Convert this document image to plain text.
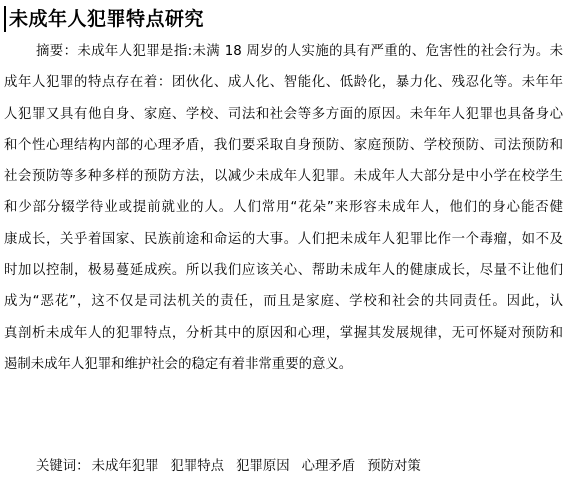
未成年人犯罪特点研究
摘要：未成年人犯罪是指:未满 18 周岁的人实施的具有严重的、危害性的社会行为。未
成年人犯罪的特点存在着：团伙化、成人化、智能化、低龄化，暴力化、残忍化等。未年年
人犯罪又具有他自身、家庭、学校、司法和社会等多方面的原因。未年年人犯罪也具备身心
和个性心理结构内部的心理矛盾，我们要采取自身预防、家庭预防、学校预防、司法预防和
社会预防等多种多样的预防方法，以减少未成年人犯罪。未成年人大部分是中小学在校学生
和少部分辍学待业或提前就业的人。人们常用“花朵”来形容未成年人，他们的身心能否健
康成长，关乎着国家、民族前途和命运的大事。人们把未成年人犯罪比作一个毒瘤，如不及
时加以控制，极易蔓延成疾。所以我们应该关心、帮助未成年人的健康成长，尽量不让他们
成为“恶花”，这不仅是司法机关的责任，而且是家庭、学校和社会的共同责任。因此，认
真剖析未成年人的犯罪特点，分析其中的原因和心理，掌握其发展规律，无可怀疑对预防和
遏制未成年人犯罪和维护社会的稳定有着非常重要的意义。
关键词： 未成年犯罪 犯罪特点 犯罪原因 心理矛盾 预防对策
